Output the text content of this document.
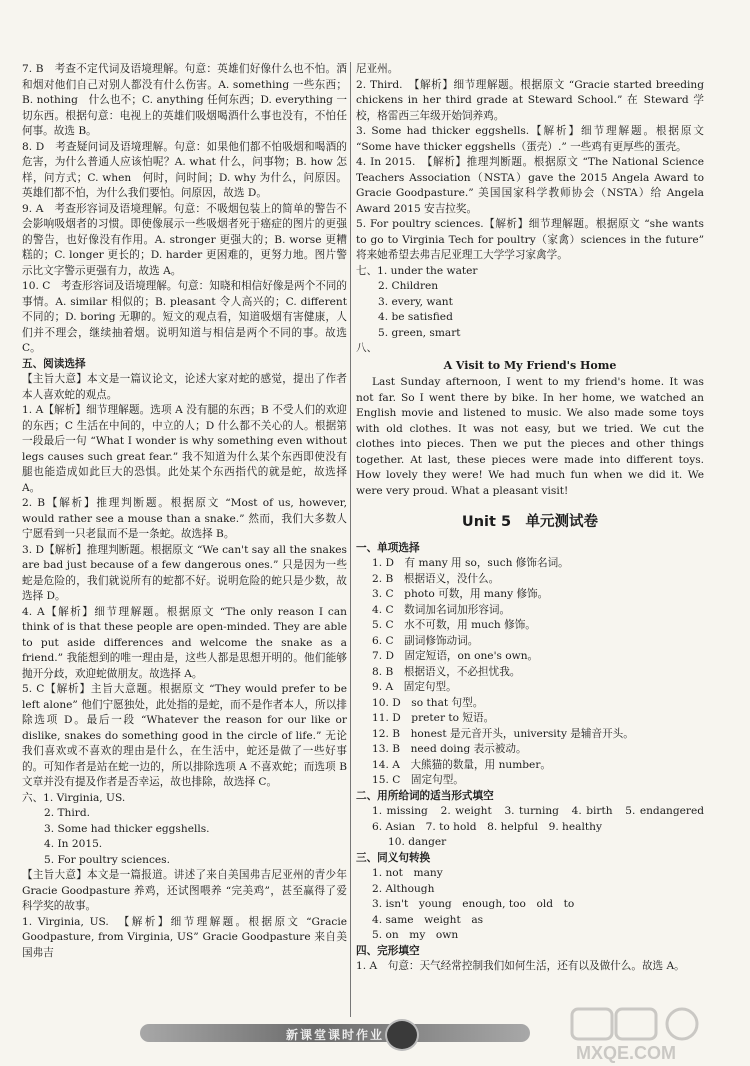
7. B　考查不定代词及语境理解。句意：英雄们好像什么也不怕。酒和烟对他们自己对别人都没有什么伤害。A. something 一些东西；B. nothing　什么也不；C. anything 任何东西；D. everything 一切东西。根据句意：电视上的英雄们吸烟喝酒什么事也没有，不怕任何事。故选 B。

8. D　考查疑问词及语境理解。句意：如果他们都不怕吸烟和喝酒的危害，为什么普通人应该怕呢？A. what 什么，问事物；B. how 怎样，问方式；C. when　何时，问时间；D. why 为什么，问原因。英雄们都不怕，为什么我们要怕。问原因，故选 D。

9. A　考查形容词及语境理解。句意：不吸烟包装上的简单的警告不会影响吸烟者的习惯。即使像展示一些吸烟者死于癌症的图片的更强的警告，也好像没有作用。A. stronger 更强大的；B. worse 更糟糕的；C. longer 更长的；D. harder 更困难的，更努力地。图片警示比文字警示更强有力，故选 A。

10. C　考查形容词及语境理解。句意：知晓和相信好像是两个不同的事情。A. similar 相似的；B. pleasant 令人高兴的；C. different 不同的；D. boring 无聊的。短文的观点看，知道吸烟有害健康，人们并不理会，继续抽着烟。说明知道与相信是两个不同的事。故选 C。

五、阅读选择

【主旨大意】本文是一篇议论文，论述大家对蛇的感觉，提出了作者本人喜欢蛇的观点。

1. A【解析】细节理解题。选项 A 没有腿的东西；B 不受人们的欢迎的东西；C 生活在中间的，中立的人；D 什么都不关心的人。根据第一段最后一句 “What I wonder is why something even without legs causes such great fear.” 我不知道为什么某个东西即使没有腿也能造成如此巨大的恐惧。此处某个东西指代的就是蛇，故选择 A。

2. B【解析】推理判断题。根据原文 “Most of us, however, would rather see a mouse than a snake.” 然而，我们大多数人宁愿看到一只老鼠而不是一条蛇。故选择 B。

3. D【解析】推理判断题。根据原文 “We can't say all the snakes are bad just because of a few dangerous ones.” 只是因为一些蛇是危险的，我们就说所有的蛇都不好。说明危险的蛇只是少数，故选择 D。

4. A【解析】细节理解题。根据原文 “The only reason I can think of is that these people are open-minded. They are able to put aside differences and welcome the snake as a friend.” 我能想到的唯一理由是，这些人都是思想开明的。他们能够抛开分歧，欢迎蛇做朋友。故选择 A。

5. C【解析】主旨大意题。根据原文 “They would prefer to be left alone” 他们宁愿独处，此处指的是蛇，而不是作者本人，所以排除选项 D。最后一段 “Whatever the reason for our like or dislike, snakes do something good in the circle of life.” 无论我们喜欢或不喜欢的理由是什么，在生活中，蛇还是做了一些好事的。可知作者是站在蛇一边的，所以排除选项 A 不喜欢蛇；而选项 B 文章并没有提及作者是否幸运，故也排除，故选择 C。

六、1. Virginia, US.

2. Third.

3. Some had thicker eggshells.

4. In 2015.

5. For poultry sciences.

【主旨大意】本文是一篇报道。讲述了来自美国弗吉尼亚州的青少年 Gracie Goodpasture 养鸡，还试图喂养 “完美鸡”，甚至赢得了爱科学奖的故事。

1. Virginia, US.　【解析】细节理解题。根据原文 “Gracie Goodpasture, from Virginia, US” Gracie Goodpasture 来自美国弗吉

尼亚州。

2. Third.　【解析】细节理解题。根据原文 “Gracie started breeding chickens in her third grade at Steward School.” 在 Steward 学校，格雷西三年级开始饲养鸡。

3. Some had thicker eggshells.【解析】细节理解题。根据原文 “Some have thicker eggshells（蛋壳）.” 一些鸡有更厚些的蛋壳。

4. In 2015.　【解析】推理判断题。根据原文 “The National Science Teachers Association（NSTA）gave the 2015 Angela Award to Gracie Goodpasture.” 美国国家科学教师协会（NSTA）给 Angela Award 2015 安吉拉奖。

5. For poultry sciences.【解析】细节理解题。根据原文 “she wants to go to Virginia Tech for poultry（家禽）sciences in the future” 将来她希望去弗吉尼亚理工大学学习家禽学。

七、1. under the water

2. Children

3. every, want

4. be satisfied

5. green, smart

八、

A Visit to My Friend's Home

Last Sunday afternoon, I went to my friend's home. It was not far. So I went there by bike. In her home, we watched an English movie and listened to music. We also made some toys with old clothes. It was not easy, but we tried. We cut the clothes into pieces. Then we put the pieces and other things together. At last, these pieces were made into different toys. How lovely they were! We had much fun when we did it. We were very proud. What a pleasant visit!

Unit 5　单元测试卷

一、单项选择

1. D　有 many 用 so，such 修饰名词。

2. B　根据语义，没什么。

3. C　photo 可数，用 many 修饰。

4. C　数词加名词加形容词。

5. C　水不可数，用 much 修饰。

6. C　副词修饰动词。

7. D　固定短语，on one's own。

8. B　根据语义，不必担忧我。

9. A　固定句型。

10. D　so that 句型。

11. D　preter to 短语。

12. B　honest 是元音开头，university 是辅音开头。

13. B　need doing 表示被动。

14. A　大熊猫的数量，用 number。

15. C　固定句型。

二、用所给词的适当形式填空

1. missing　2. weight　3. turning　4. birth　5. endangered　6. Asian　7. to hold　8. helpful　9. healthy

10. danger

三、同义句转换

1. not　many

2. Although

3. isn't　young　enough, too　old　to

4. same　weight　as

5. on　my　own

四、完形填空

1. A　句意：天气经常控制我们如何生活，还有以及做什么。故选 A。

新课堂课时作业
MXQE.COM
